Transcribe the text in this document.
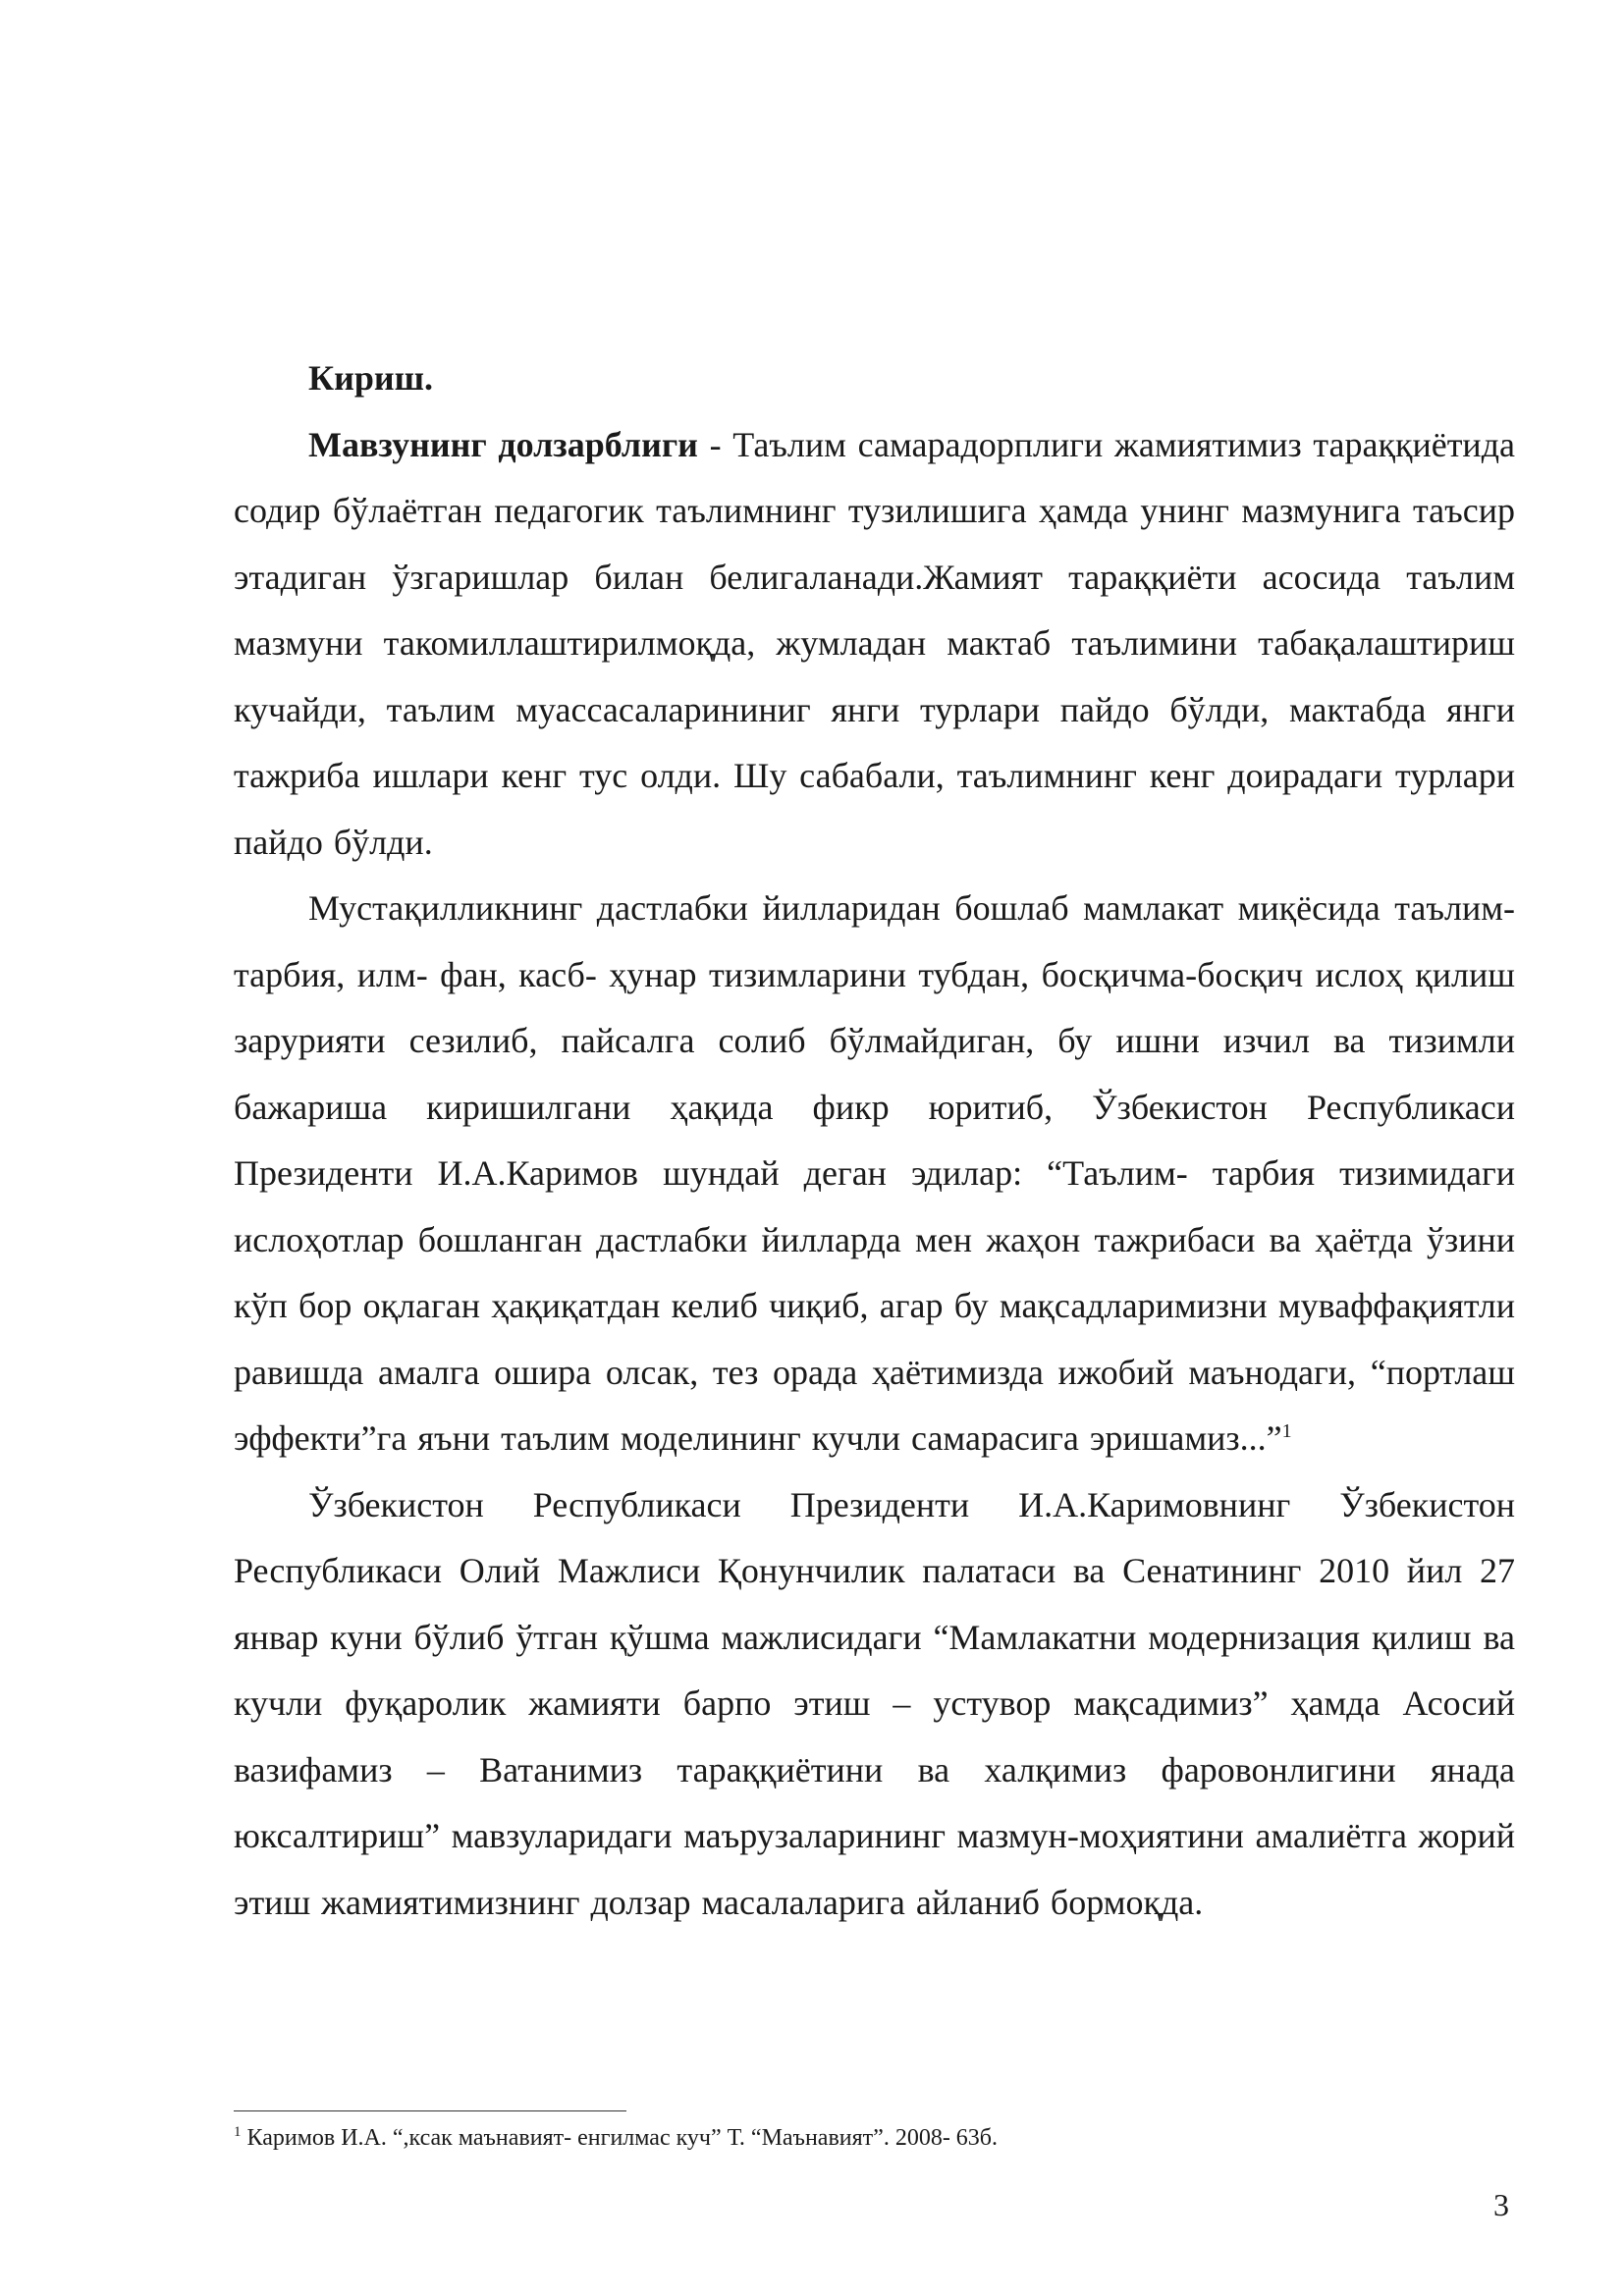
Кириш.

Мавзунинг долзарблиги - Таълим самарадорплиги жамиятимиз тараққиётида содир бўлаётган педагогик таълимнинг тузилишига ҳамда унинг мазмунига таъсир этадиган ўзгаришлар билан белигаланади.Жамият тараққиёти асосида таълим мазмуни такомиллаштирилмоқда, жумладан мактаб таълимини табақалаштириш кучайди, таълим муассасаларининиг янги турлари пайдо бўлди, мактабда янги тажриба ишлари кенг тус олди. Шу сабабали, таълимнинг кенг доирадаги турлари пайдо бўлди.

Мустақилликнинг дастлабки йилларидан бошлаб мамлакат миқёсида таълим- тарбия, илм- фан, касб- ҳунар тизимларини тубдан, босқичма-босқич ислоҳ қилиш зарурияти сезилиб, пайсалга солиб бўлмайдиган, бу ишни изчил ва тизимли бажариша киришилгани ҳақида фикр юритиб, Ўзбекистон Республикаси Президенти И.А.Каримов шундай деган эдилар: “Таълим- тарбия тизимидаги ислоҳотлар бошланган дастлабки йилларда мен жаҳон тажрибаси ва ҳаётда ўзини кўп бор оқлаган ҳақиқатдан келиб чиқиб, агар бу мақсадларимизни муваффақиятли равишда амалга ошира олсак, тез орада ҳаётимизда ижобий маънодаги, “портлаш эффекти”га яъни таълим моделининг кучли самарасига эришамиз...”$^1$

Ўзбекистон Республикаси Президенти И.А.Каримовнинг Ўзбекистон Республикаси Олий Мажлиси Қонунчилик палатаси ва Сенатининг 2010 йил 27 январ куни бўлиб ўтган қўшма мажлисидаги “Мамлакатни модернизация қилиш ва кучли фуқаролик жамияти барпо этиш – устувор мақсадимиз” ҳамда Асосий вазифамиз – Ватанимиз тараққиётини ва халқимиз фаровонлигини янада юксалтириш” мавзуларидаги маърузаларининг мазмун-моҳиятини амалиётга жорий этиш жамиятимизнинг долзар масалаларига айланиб бормоқда.

$^1$ Каримов И.А. “,ксак маънавият- енгилмас куч” Т. “Маънавият”. 2008- 63б.
3
